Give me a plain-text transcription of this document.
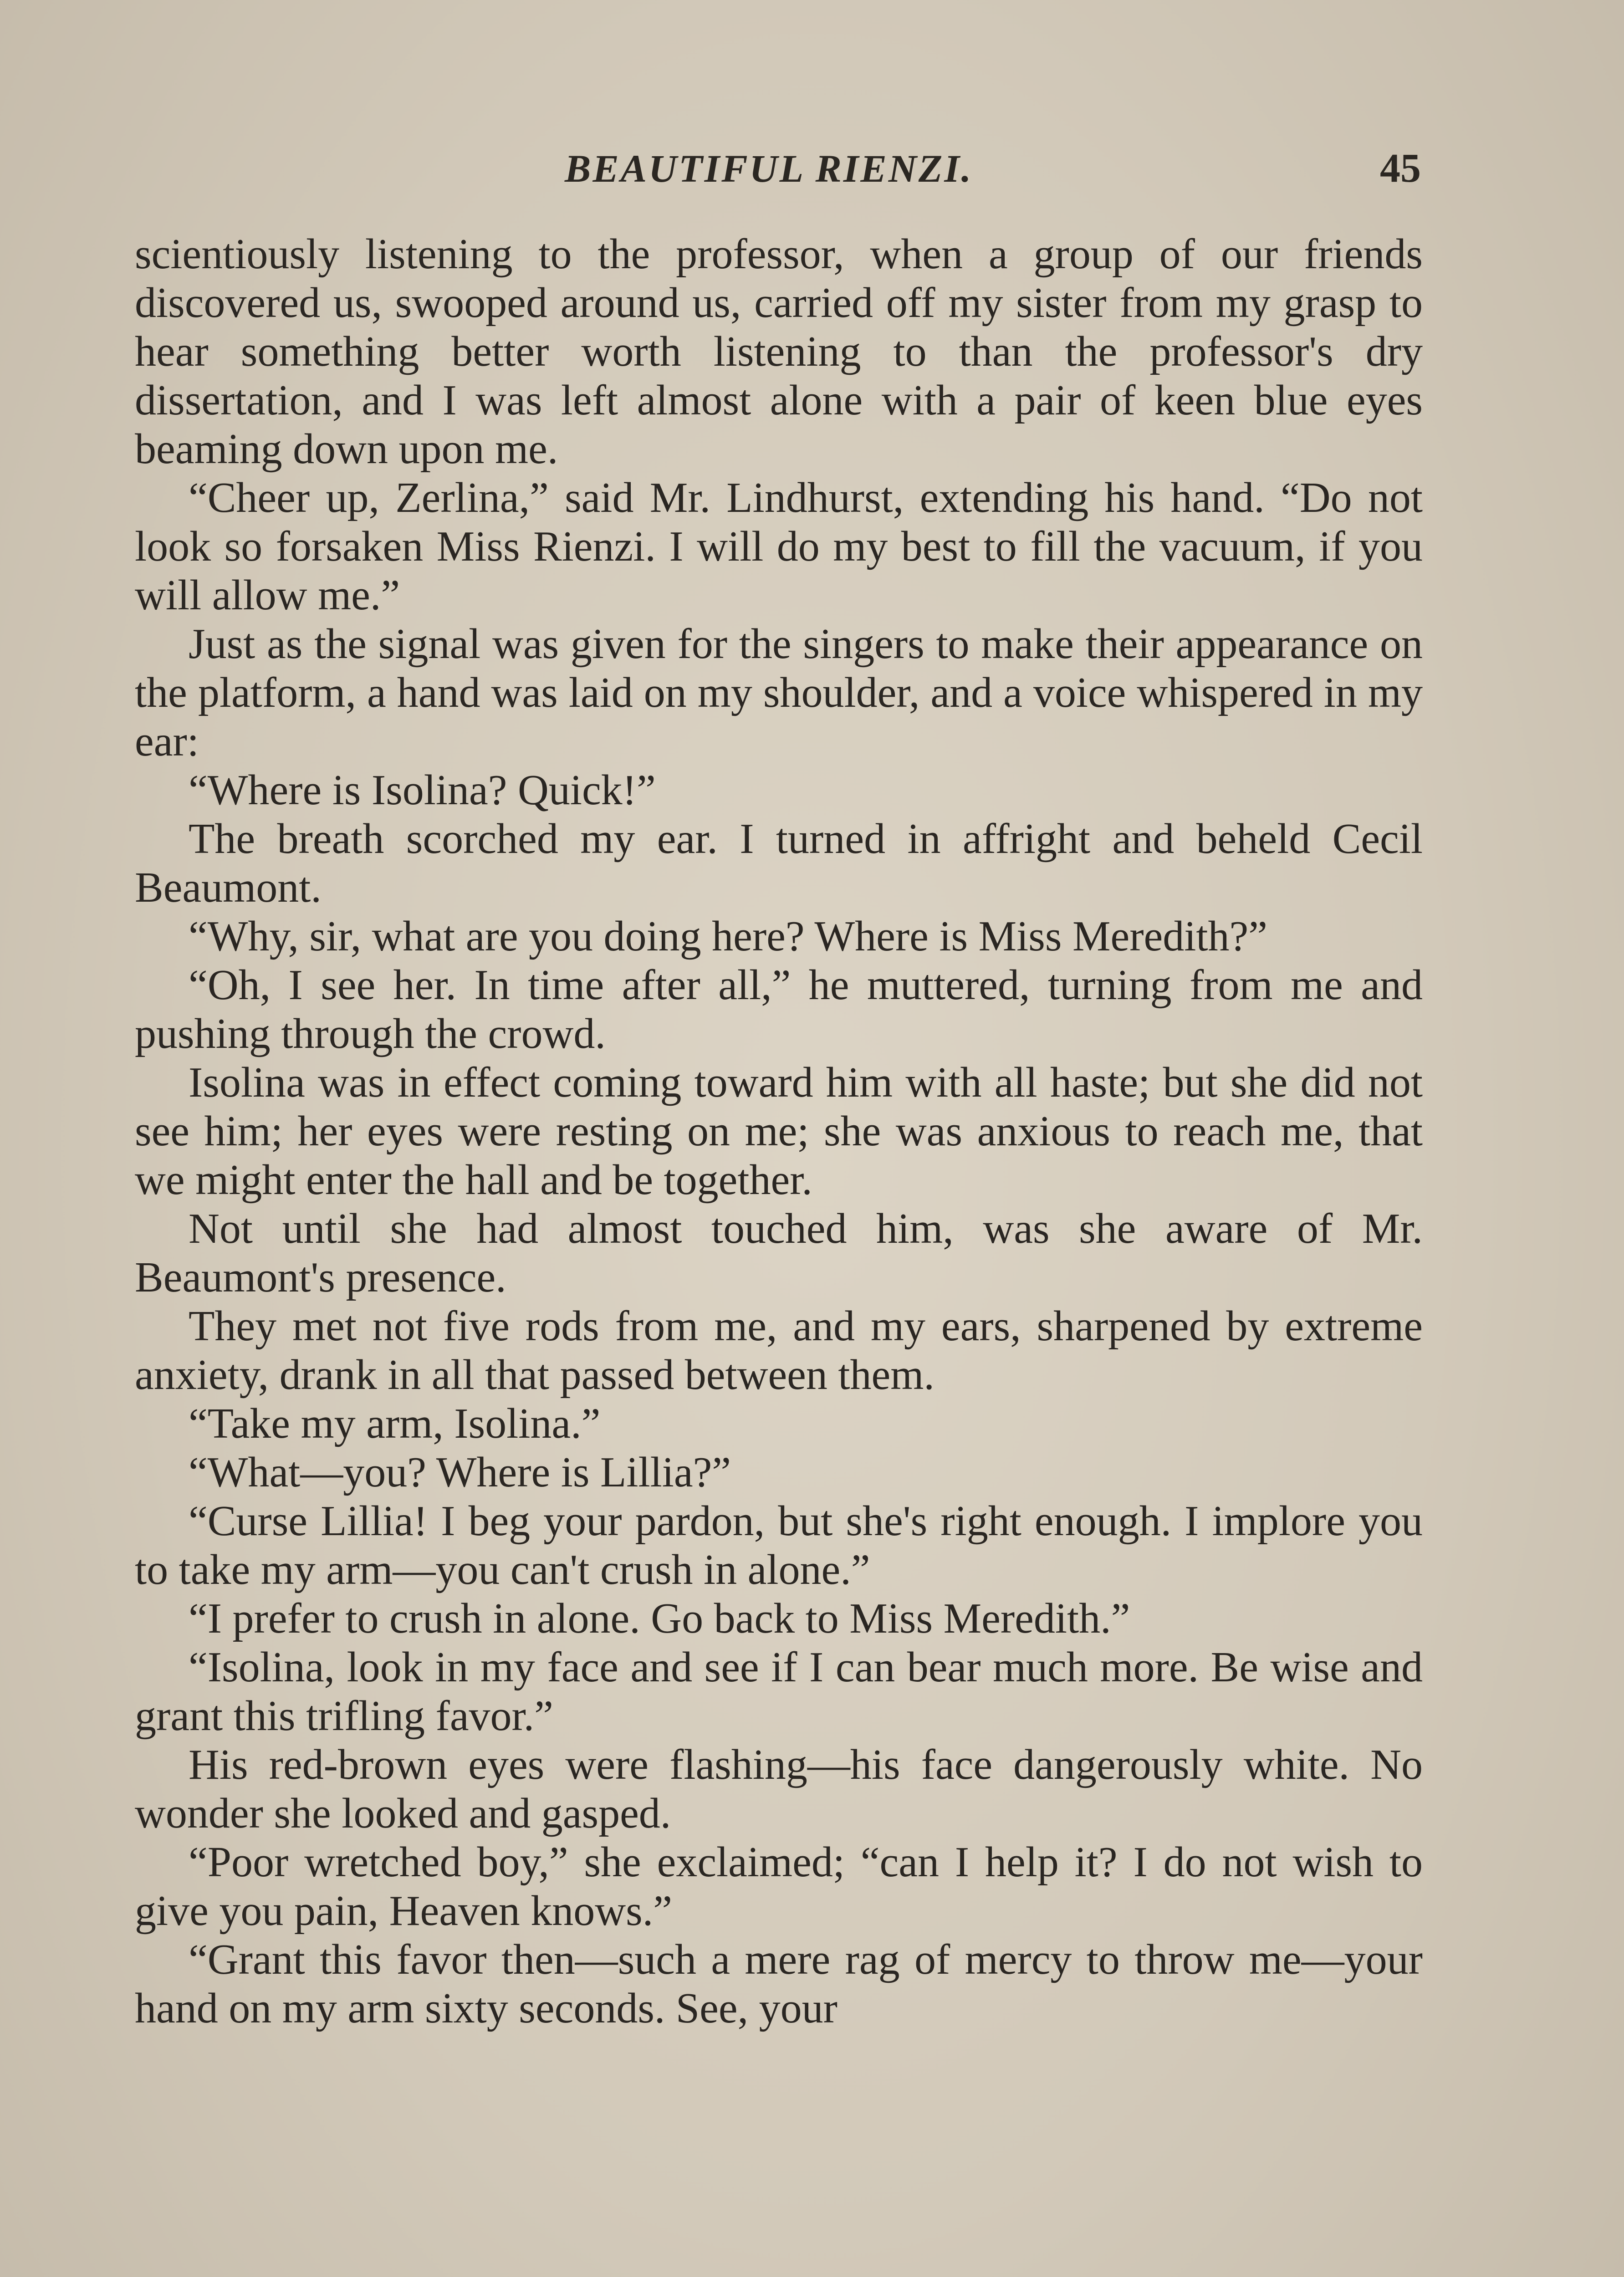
BEAUTIFUL RIENZI.	45

scientiously listening to the professor, when a group of our friends discovered us, swooped around us, carried off my sister from my grasp to hear something better worth listening to than the professor's dry dissertation, and I was left almost alone with a pair of keen blue eyes beaming down upon me.

“Cheer up, Zerlina,” said Mr. Lindhurst, extending his hand. “Do not look so forsaken Miss Rienzi. I will do my best to fill the vacuum, if you will allow me.”

Just as the signal was given for the singers to make their appearance on the platform, a hand was laid on my shoulder, and a voice whispered in my ear:

“Where is Isolina? Quick!”

The breath scorched my ear. I turned in affright and beheld Cecil Beaumont.

“Why, sir, what are you doing here? Where is Miss Meredith?”

“Oh, I see her. In time after all,” he muttered, turning from me and pushing through the crowd.

Isolina was in effect coming toward him with all haste; but she did not see him; her eyes were resting on me; she was anxious to reach me, that we might enter the hall and be together.

Not until she had almost touched him, was she aware of Mr. Beaumont's presence.

They met not five rods from me, and my ears, sharpened by extreme anxiety, drank in all that passed between them.

“Take my arm, Isolina.”

“What—you? Where is Lillia?”

“Curse Lillia! I beg your pardon, but she's right enough. I implore you to take my arm—you can't crush in alone.”

“I prefer to crush in alone. Go back to Miss Meredith.”

“Isolina, look in my face and see if I can bear much more. Be wise and grant this trifling favor.”

His red-brown eyes were flashing—his face dangerously white. No wonder she looked and gasped.

“Poor wretched boy,” she exclaimed; “can I help it? I do not wish to give you pain, Heaven knows.”

“Grant this favor then—such a mere rag of mercy to throw me—your hand on my arm sixty seconds. See, your
